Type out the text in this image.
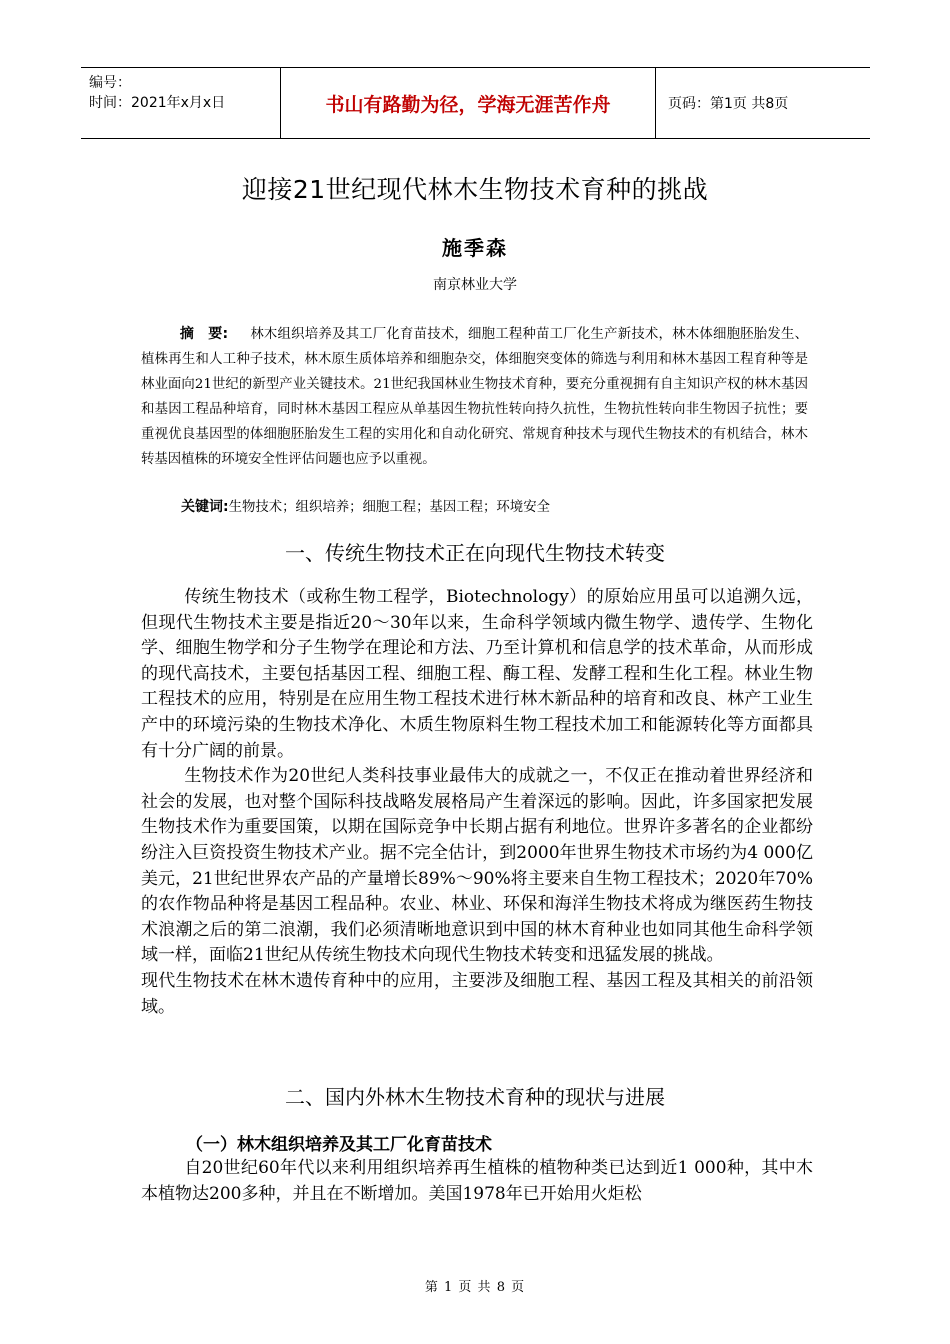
编号：
时间：2021年x月x日	书山有路勤为径，学海无涯苦作舟	页码：第1页 共8页
迎接21世纪现代林木生物技术育种的挑战
施季森
南京林业大学

摘　要: 林木组织培养及其工厂化育苗技术，细胞工程种苗工厂化生产新技术，林木体细胞胚胎发生、植株再生和人工种子技术，林木原生质体培养和细胞杂交，体细胞突变体的筛选与利用和林木基因工程育种等是林业面向21世纪的新型产业关键技术。21世纪我国林业生物技术育种，要充分重视拥有自主知识产权的林木基因和基因工程品种培育，同时林木基因工程应从单基因生物抗性转向持久抗性，生物抗性转向非生物因子抗性；要重视优良基因型的体细胞胚胎发生工程的实用化和自动化研究、常规育种技术与现代生物技术的有机结合，林木转基因植株的环境安全性评估问题也应予以重视。

关键词:生物技术；组织培养；细胞工程；基因工程；环境安全
一、传统生物技术正在向现代生物技术转变

传统生物技术（或称生物工程学，Biotechnology）的原始应用虽可以追溯久远，但现代生物技术主要是指近20～30年以来，生命科学领域内微生物学、遗传学、生物化学、细胞生物学和分子生物学在理论和方法、乃至计算机和信息学的技术革命，从而形成的现代高技术，主要包括基因工程、细胞工程、酶工程、发酵工程和生化工程。林业生物工程技术的应用，特别是在应用生物工程技术进行林木新品种的培育和改良、林产工业生产中的环境污染的生物技术净化、木质生物原料生物工程技术加工和能源转化等方面都具有十分广阔的前景。

生物技术作为20世纪人类科技事业最伟大的成就之一，不仅正在推动着世界经济和社会的发展，也对整个国际科技战略发展格局产生着深远的影响。因此，许多国家把发展生物技术作为重要国策，以期在国际竞争中长期占据有利地位。世界许多著名的企业都纷纷注入巨资投资生物技术产业。据不完全估计，到2000年世界生物技术市场约为4 000亿美元，21世纪世界农产品的产量增长89%～90%将主要来自生物工程技术；2020年70%的农作物品种将是基因工程品种。农业、林业、环保和海洋生物技术将成为继医药生物技术浪潮之后的第二浪潮，我们必须清晰地意识到中国的林木育种业也如同其他生命科学领域一样，面临21世纪从传统生物技术向现代生物技术转变和迅猛发展的挑战。

现代生物技术在林木遗传育种中的应用，主要涉及细胞工程、基因工程及其相关的前沿领域。

二、国内外林木生物技术育种的现状与进展
（一）林木组织培养及其工厂化育苗技术

自20世纪60年代以来利用组织培养再生植株的植物种类已达到近1 000种，其中木本植物达200多种，并且在不断增加。美国1978年已开始用火炬松

第 1 页 共 8 页
